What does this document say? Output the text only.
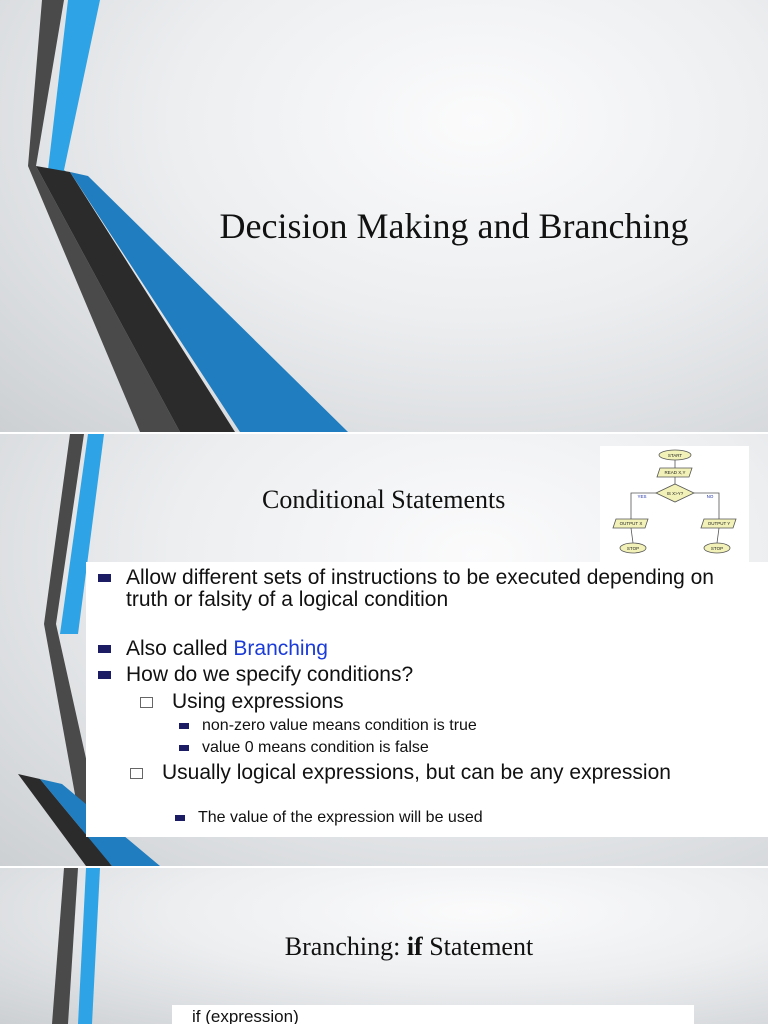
Decision Making and Branching
Conditional Statements
START
READ X,Y
IS X>Y?
YES	NO
OUTPUT X	OUTPUT Y
STOP	STOP
Allow different sets of instructions to be executed depending on truth or falsity of a logical condition
Also called Branching
How do we specify conditions?
Using expressions
non-zero value means condition is true
value 0 means condition is false
Usually logical expressions, but can be any expression
The value of the expression will be used
Branching: if Statement
if (expression)
